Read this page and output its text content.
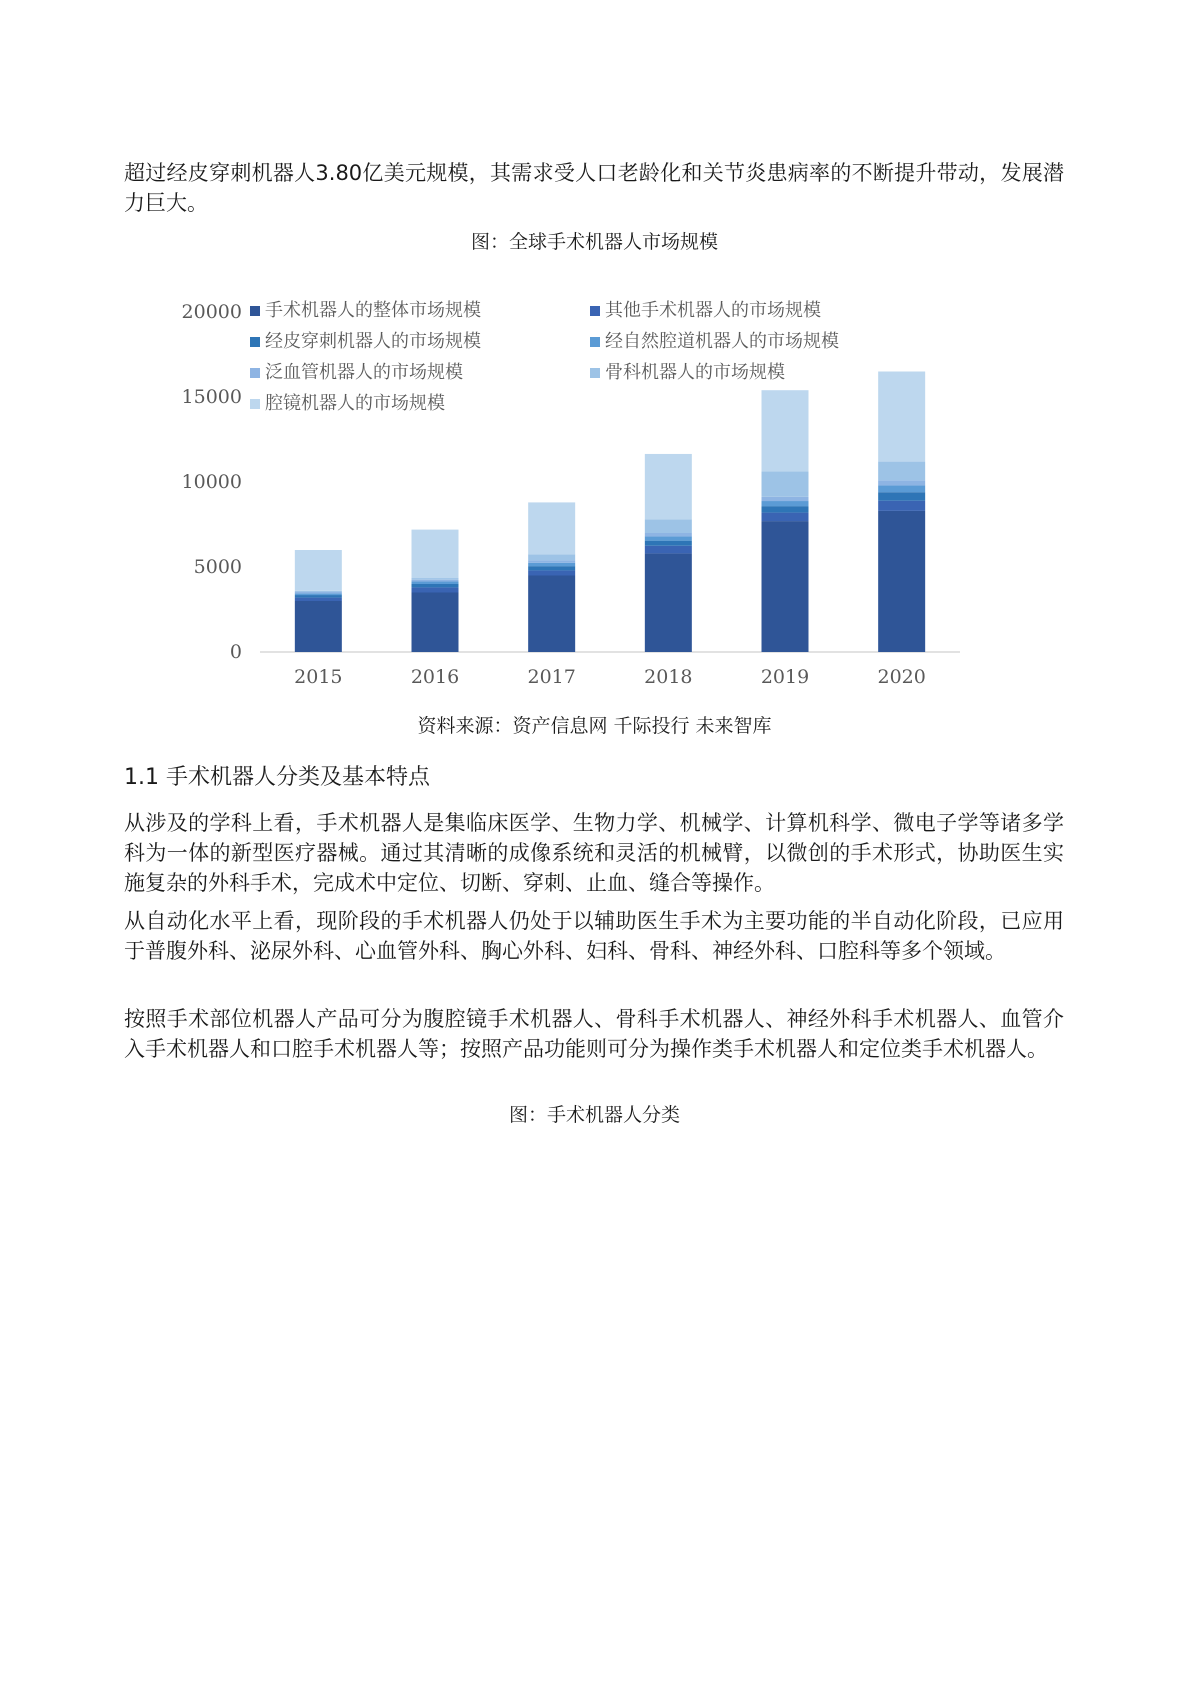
超过经皮穿刺机器人3.80亿美元规模，其需求受人口老龄化和关节炎患病率的不断提升带动，发展潜力巨大。

图：全球手术机器人市场规模

0
5000
10000
15000
20000
2015	2016	2017	2018	2019	2020
手术机器人的整体市场规模	其他手术机器人的市场规模
经皮穿刺机器人的市场规模	经自然腔道机器人的市场规模
泛血管机器人的市场规模	骨科机器人的市场规模
腔镜机器人的市场规模

资料来源：资产信息网 千际投行 未来智库

1.1 手术机器人分类及基本特点

从涉及的学科上看，手术机器人是集临床医学、生物力学、机械学、计算机科学、微电子学等诸多学科为一体的新型医疗器械。通过其清晰的成像系统和灵活的机械臂，以微创的手术形式，协助医生实施复杂的外科手术，完成术中定位、切断、穿刺、止血、缝合等操作。

从自动化水平上看，现阶段的手术机器人仍处于以辅助医生手术为主要功能的半自动化阶段，已应用于普腹外科、泌尿外科、心血管外科、胸心外科、妇科、骨科、神经外科、口腔科等多个领域。

按照手术部位机器人产品可分为腹腔镜手术机器人、骨科手术机器人、神经外科手术机器人、血管介入手术机器人和口腔手术机器人等；按照产品功能则可分为操作类手术机器人和定位类手术机器人。

图：手术机器人分类
